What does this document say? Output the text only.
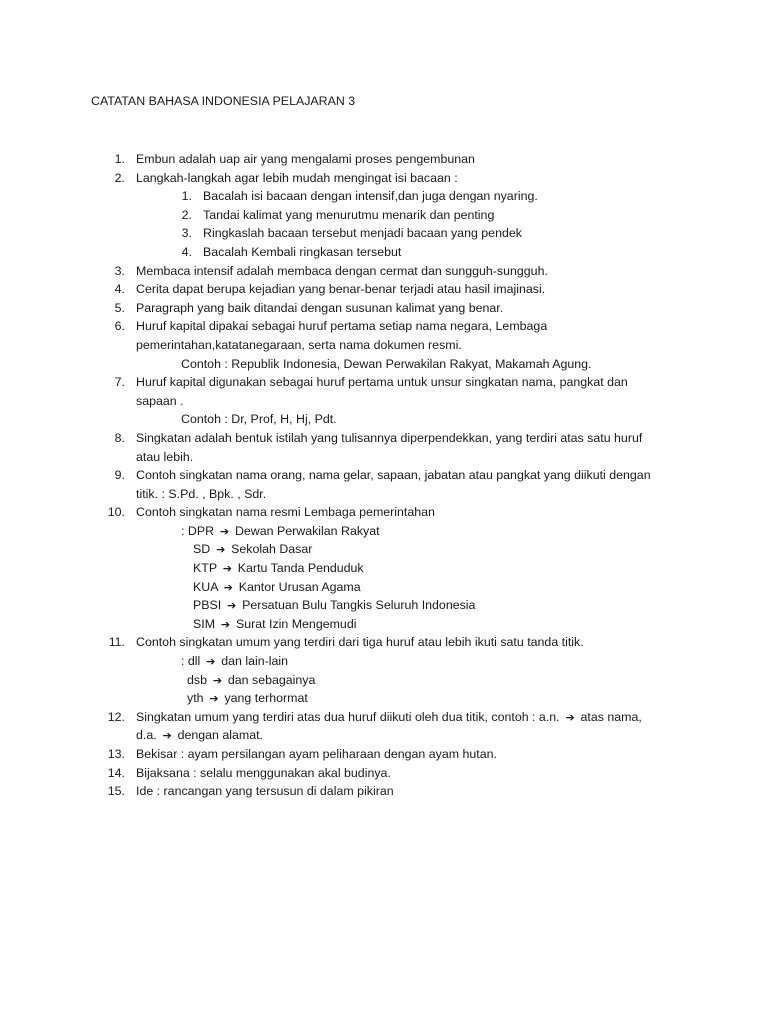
CATATAN BAHASA INDONESIA PELAJARAN 3
1. Embun adalah uap air yang mengalami proses pengembunan
2. Langkah-langkah agar lebih mudah mengingat isi bacaan :
1. Bacalah isi bacaan dengan intensif,dan juga dengan nyaring.
2. Tandai kalimat yang menurutmu menarik dan penting
3. Ringkaslah bacaan tersebut menjadi bacaan yang pendek
4. Bacalah Kembali ringkasan tersebut
3. Membaca intensif adalah membaca dengan cermat dan sungguh-sungguh.
4. Cerita dapat berupa kejadian yang benar-benar terjadi atau hasil imajinasi.
5. Paragraph yang baik ditandai dengan susunan kalimat yang benar.
6. Huruf kapital dipakai sebagai huruf pertama setiap nama negara, Lembaga
pemerintahan,katatanegaraan, serta nama dokumen resmi.
Contoh : Republik Indonesia, Dewan Perwakilan Rakyat, Makamah Agung.
7. Huruf kapital digunakan sebagai huruf pertama untuk unsur singkatan nama, pangkat dan
sapaan .
Contoh : Dr, Prof, H, Hj, Pdt.
8. Singkatan adalah bentuk istilah yang tulisannya diperpendekkan, yang terdiri atas satu huruf
atau lebih.
9. Contoh singkatan nama orang, nama gelar, sapaan, jabatan atau pangkat yang diikuti dengan
titik. : S.Pd. , Bpk. , Sdr.
10. Contoh singkatan nama resmi Lembaga pemerintahan
: DPR ➔ Dewan Perwakilan Rakyat
SD ➔ Sekolah Dasar
KTP ➔ Kartu Tanda Penduduk
KUA ➔ Kantor Urusan Agama
PBSI ➔ Persatuan Bulu Tangkis Seluruh Indonesia
SIM ➔ Surat Izin Mengemudi
11. Contoh singkatan umum yang terdiri dari tiga huruf atau lebih ikuti satu tanda titik.
: dll ➔ dan lain-lain
dsb ➔ dan sebagainya
yth ➔ yang terhormat
12. Singkatan umum yang terdiri atas dua huruf diikuti oleh dua titik, contoh : a.n. ➔ atas nama,
d.a. ➔ dengan alamat.
13. Bekisar : ayam persilangan ayam peliharaan dengan ayam hutan.
14. Bijaksana : selalu menggunakan akal budinya.
15. Ide : rancangan yang tersusun di dalam pikiran
